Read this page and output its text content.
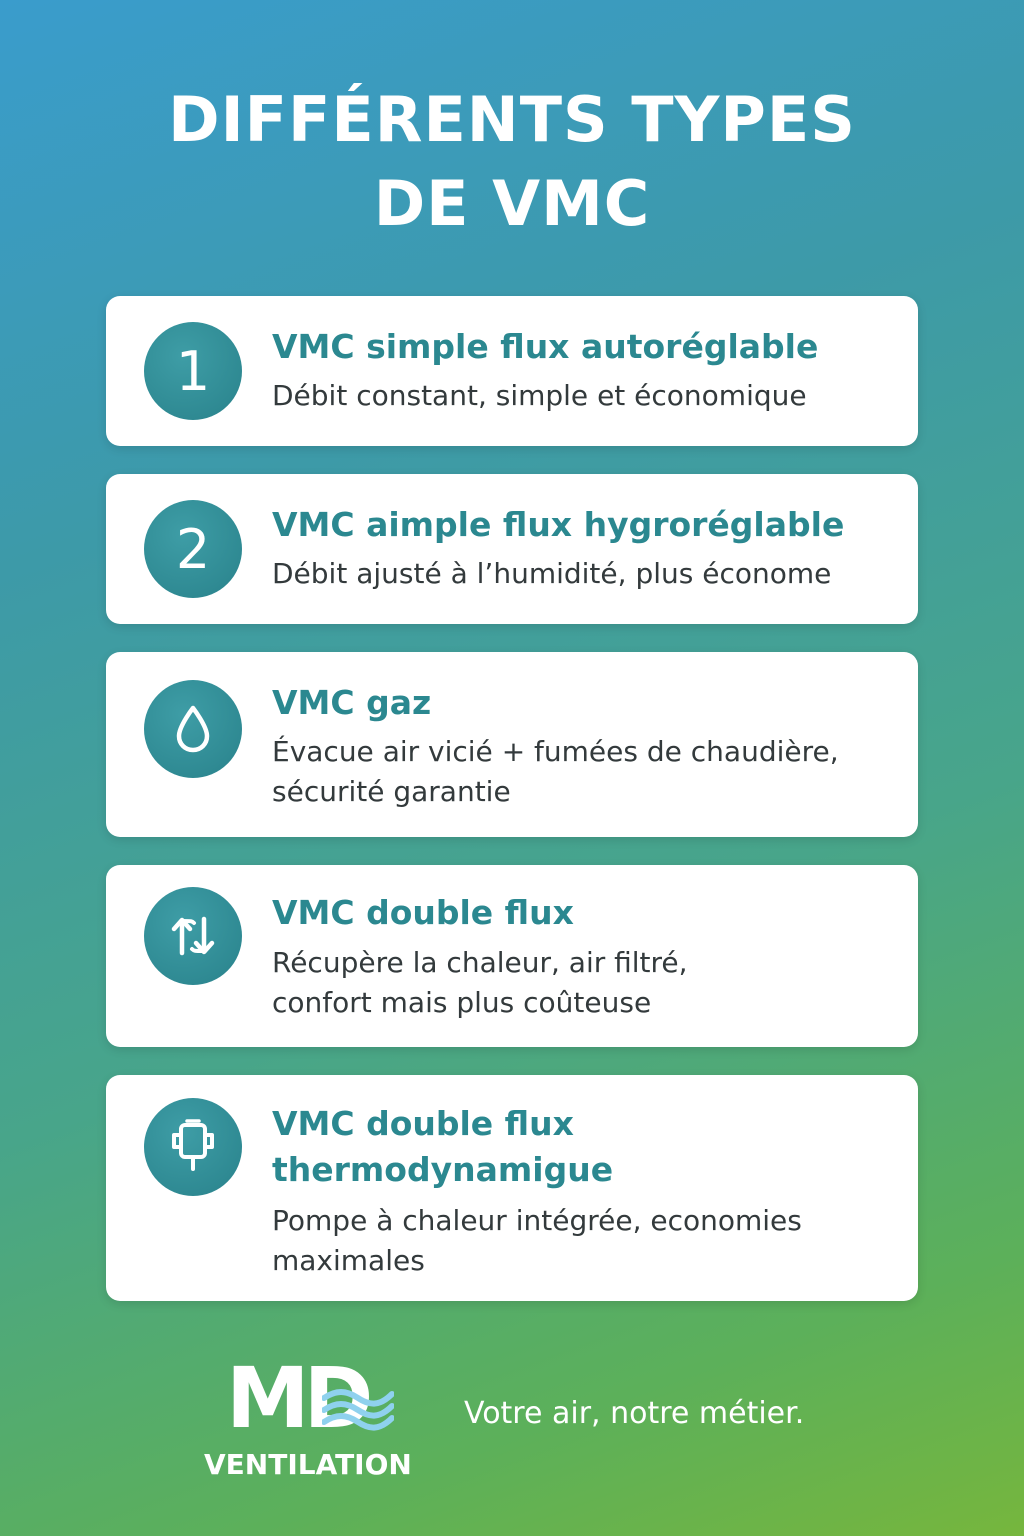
DIFFÉRENTS TYPES
DE VMC
1	VMC simple flux autoréglable
Débit constant, simple et économique
2	VMC aimple flux hygroréglable
Débit ajusté à l’humidité, plus économe
VMC gaz
Évacue air vicié + fumées de chaudière,
sécurité garantie
VMC double flux
Récupère la chaleur, air filtré,
confort mais plus coûteuse
VMC double flux
thermodynamigue
Pompe à chaleur intégrée, economies
maximales
MD
VENTILATION
Votre air, notre métier.
